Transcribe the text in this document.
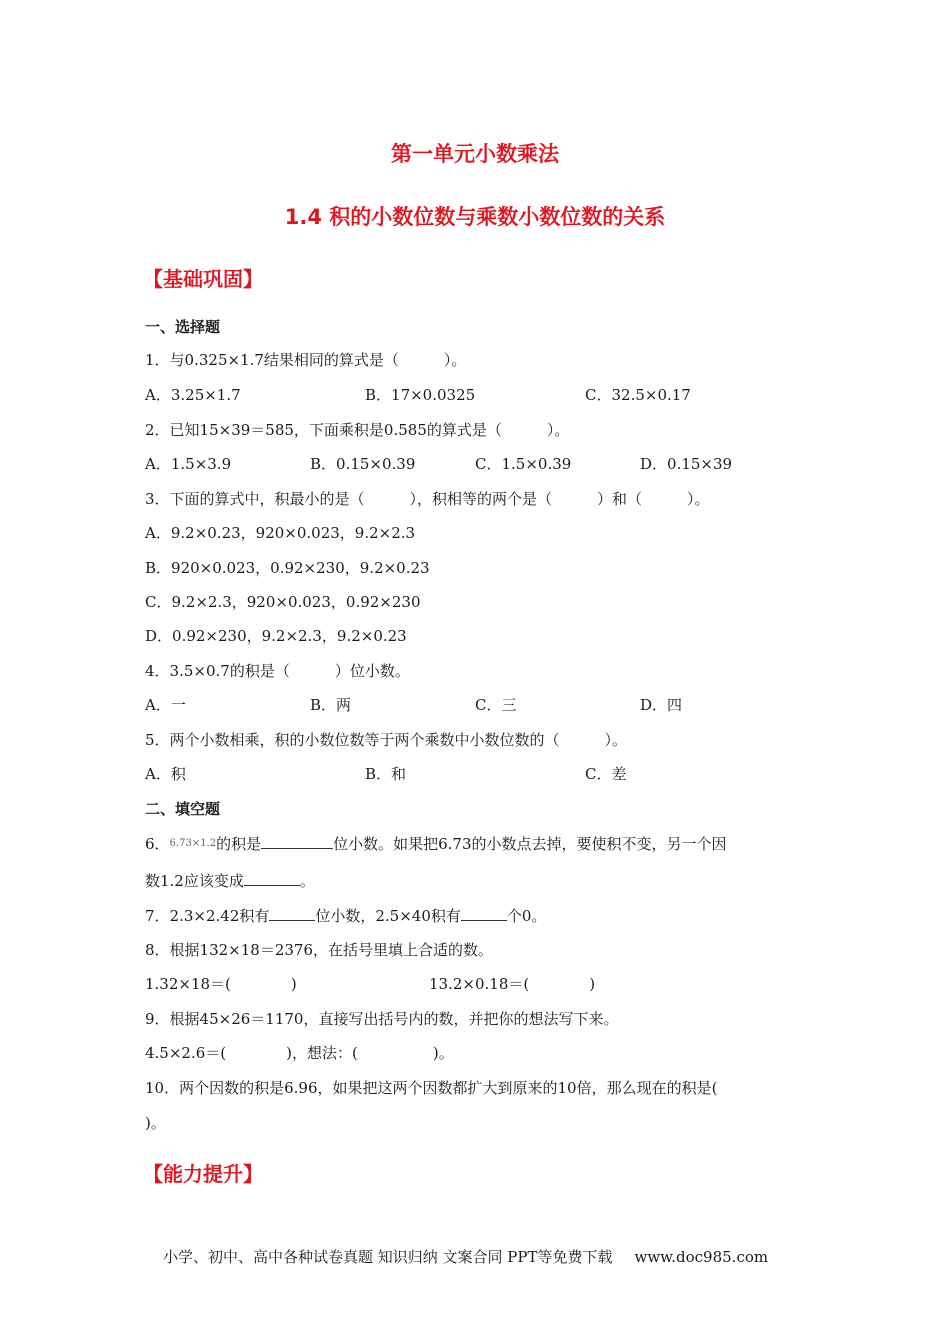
第一单元小数乘法
1.4 积的小数位数与乘数小数位数的关系
【基础巩固】
一、选择题
1．与0.325×1.7结果相同的算式是（　　　）。
A．3.25×1.7	B．17×0.0325	C．32.5×0.17
2．已知15×39＝585，下面乘积是0.585的算式是（　　　）。
A．1.5×3.9	B．0.15×0.39	C．1.5×0.39	D．0.15×39
3．下面的算式中，积最小的是（　　　），积相等的两个是（　　　）和（　　　）。
A．9.2×0.23，920×0.023，9.2×2.3
B．920×0.023，0.92×230，9.2×0.23
C．9.2×2.3，920×0.023，0.92×230
D．0.92×230，9.2×2.3，9.2×0.23
4．3.5×0.7的积是（　　　）位小数。
A．一	B．两	C．三	D．四
5．两个小数相乘，积的小数位数等于两个乘数中小数位数的（　　　）。
A．积	B．和	C．差
二、填空题
6．$^{6.73\times 1.2}$的积是	位小数。如果把6.73的小数点去掉，要使积不变，另一个因
数1.2应该变成	。
7．2.3×2.42积有	位小数，2.5×40积有	个0。
8．根据132×18＝2376，在括号里填上合适的数。
1.32×18＝(　　　　)	13.2×0.18＝(　　　　)
9．根据45×26＝1170，直接写出括号内的数，并把你的想法写下来。
4.5×2.6＝(　　　　)，想法：(　　　　　)。
10．两个因数的积是6.96，如果把这两个因数都扩大到原来的10倍，那么现在的积是(
)。
【能力提升】
小学、初中、高中各种试卷真题 知识归纳 文案合同 PPT等免费下载 www.doc985.com
